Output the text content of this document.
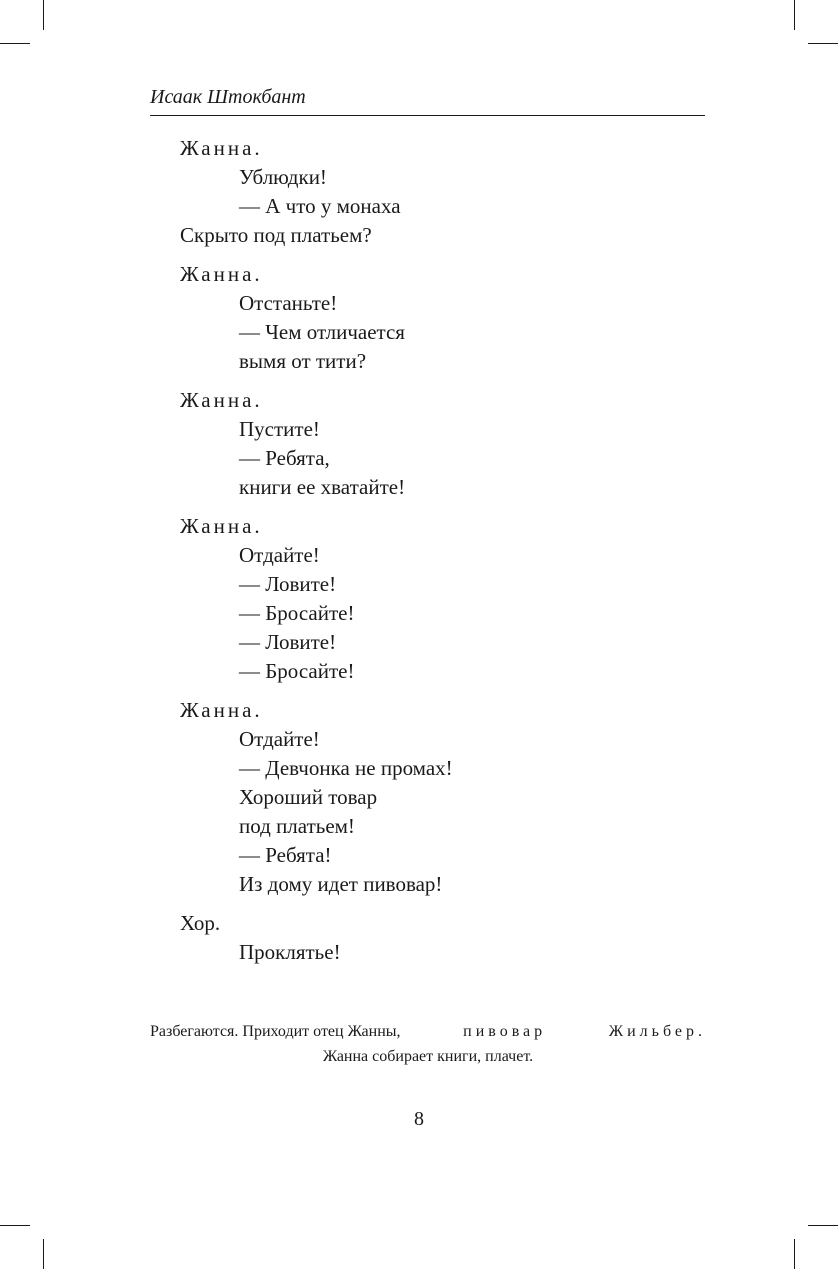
Исаак Штокбант
Жанна.
Ублюдки!
— А что у монаха
Скрыто под платьем?
Жанна.
Отстаньте!
— Чем отличается
вымя от тити?
Жанна.
Пустите!
— Ребята,
книги ее хватайте!
Жанна.
Отдайте!
— Ловите!
— Бросайте!
— Ловите!
— Бросайте!
Жанна.
Отдайте!
— Девчонка не промах!
Хороший товар
под платьем!
— Ребята!
Из дому идет пивовар!
Хор.
Проклятье!
Разбегаются. Приходит отец Жанны,	пивовар	Жильбер.
Жанна собирает книги, плачет.
8
